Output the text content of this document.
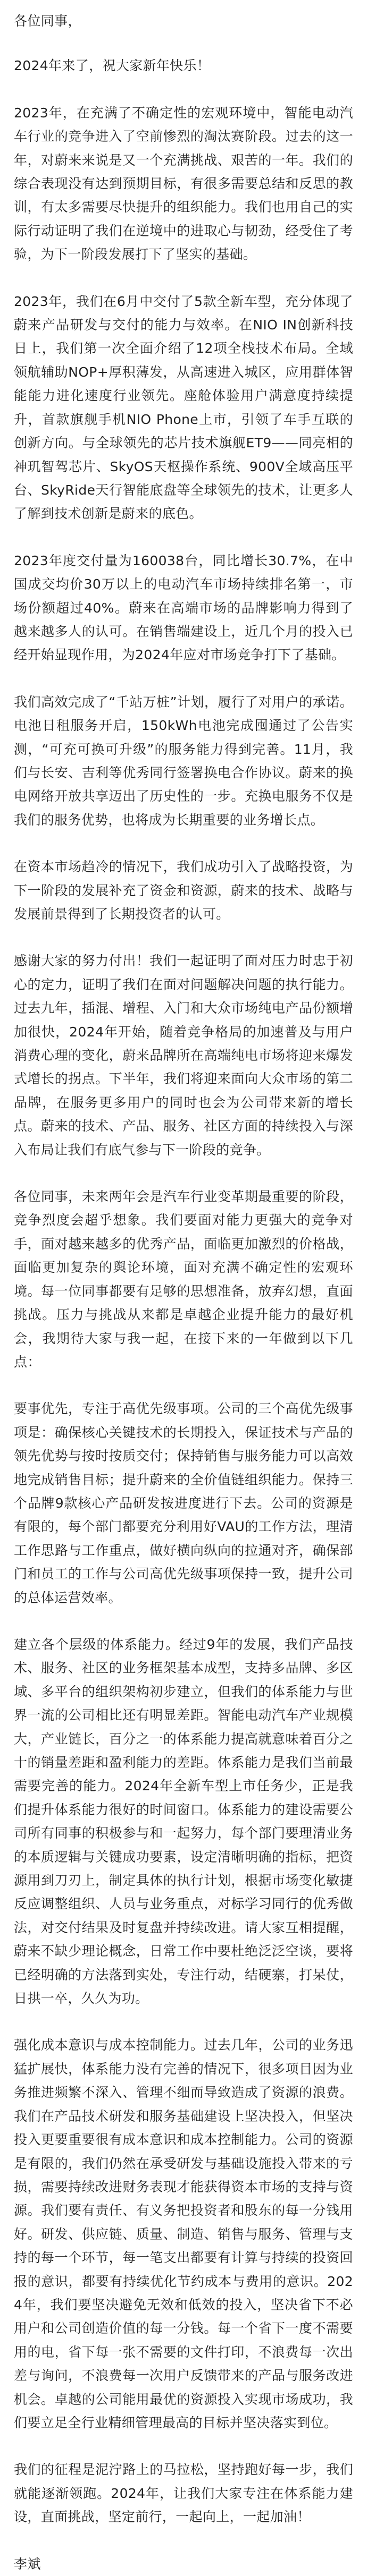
各位同事，

2024年来了，祝大家新年快乐！

2023年，在充满了不确定性的宏观环境中，智能电动汽车行业的竞争进入了空前惨烈的淘汰赛阶段。过去的这一年，对蔚来来说是又一个充满挑战、艰苦的一年。我们的综合表现没有达到预期目标，有很多需要总结和反思的教训，有太多需要尽快提升的组织能力。我们也用自己的实际行动证明了我们在逆境中的进取心与韧劲，经受住了考验，为下一阶段发展打下了坚实的基础。

2023年，我们在6月中交付了5款全新车型，充分体现了蔚来产品研发与交付的能力与效率。在NIO IN创新科技日上，我们第一次全面介绍了12项全栈技术布局。全域领航辅助NOP+厚积薄发，从高速进入城区，应用群体智能能力进化速度行业领先。座舱体验用户满意度持续提升，首款旗舰手机NIO Phone上市，引领了车手互联的创新方向。与全球领先的芯片技术旗舰ET9——同亮相的神玑智驾芯片、SkyOS天枢操作系统、900V全域高压平台、SkyRide天行智能底盘等全球领先的技术，让更多人了解到技术创新是蔚来的底色。

2023年度交付量为160038台，同比增长30.7%，在中国成交均价30万以上的电动汽车市场持续排名第一，市场份额超过40%。蔚来在高端市场的品牌影响力得到了越来越多人的认可。在销售端建设上，近几个月的投入已经开始显现作用，为2024年应对市场竞争打下了基础。

我们高效完成了“千站万桩”计划，履行了对用户的承诺。电池日租服务开启，150kWh电池完成囤通过了公告实测，“可充可换可升级”的服务能力得到完善。11月，我们与长安、吉利等优秀同行签署换电合作协议。蔚来的换电网络开放共享迈出了历史性的一步。充换电服务不仅是我们的服务优势，也将成为长期重要的业务增长点。

在资本市场趋冷的情况下，我们成功引入了战略投资，为下一阶段的发展补充了资金和资源，蔚来的技术、战略与发展前景得到了长期投资者的认可。

感谢大家的努力付出！我们一起证明了面对压力时忠于初心的定力，证明了我们在面对问题解决问题的执行能力。过去九年，插混、增程、入门和大众市场纯电产品份额增加很快，2024年开始，随着竞争格局的加速普及与用户消费心理的变化，蔚来品牌所在高端纯电市场将迎来爆发式增长的拐点。下半年，我们将迎来面向大众市场的第二品牌，在服务更多用户的同时也会为公司带来新的增长点。蔚来的技术、产品、服务、社区方面的持续投入与深入布局让我们有底气参与下一阶段的竞争。

各位同事，未来两年会是汽车行业变革期最重要的阶段，竞争烈度会超乎想象。我们要面对能力更强大的竞争对手，面对越来越多的优秀产品，面临更加激烈的价格战，面临更加复杂的舆论环境，面对充满不确定性的宏观环境。每一位同事都要有足够的思想准备，放弃幻想，直面挑战。压力与挑战从来都是卓越企业提升能力的最好机会，我期待大家与我一起，在接下来的一年做到以下几点：

要事优先，专注于高优先级事项。公司的三个高优先级事项是：确保核心关键技术的长期投入，保证技术与产品的领先优势与按时按质交付；保持销售与服务能力可以高效地完成销售目标；提升蔚来的全价值链组织能力。保持三个品牌9款核心产品研发按进度进行下去。公司的资源是有限的，每个部门都要充分利用好VAU的工作方法，理清工作思路与工作重点，做好横向纵向的拉通对齐，确保部门和员工的工作与公司高优先级事项保持一致，提升公司的总体运营效率。

建立各个层级的体系能力。经过9年的发展，我们产品技术、服务、社区的业务框架基本成型，支持多品牌、多区域、多平台的组织架构初步建立，但我们的体系能力与世界一流的公司相比还有明显差距。智能电动汽车产业规模大，产业链长，百分之一的体系能力提高就意味着百分之十的销量差距和盈利能力的差距。体系能力是我们当前最需要完善的能力。2024年全新车型上市任务少，正是我们提升体系能力很好的时间窗口。体系能力的建设需要公司所有同事的积极参与和一起努力，每个部门要理清业务的本质逻辑与关键成功要素，设定清晰明确的指标，把资源用到刀刃上，制定具体的执行计划，根据市场变化敏捷反应调整组织、人员与业务重点，对标学习同行的优秀做法，对交付结果及时复盘并持续改进。请大家互相提醒，蔚来不缺少理论概念，日常工作中要杜绝泛泛空谈，要将已经明确的方法落到实处，专注行动，结硬寨，打呆仗，日拱一卒，久久为功。

强化成本意识与成本控制能力。过去几年，公司的业务迅猛扩展快，体系能力没有完善的情况下，很多项目因为业务推进频繁不深入、管理不细而导致造成了资源的浪费。我们在产品技术研发和服务基础建设上坚决投入，但坚决投入更要重要很有成本意识和成本控制能力。公司的资源是有限的，我们仍然在承受研发与基础设施投入带来的亏损，需要持续改进财务表现才能获得资本市场的支持与资源。我们要有责任、有义务把投资者和股东的每一分钱用好。研发、供应链、质量、制造、销售与服务、管理与支持的每一个环节，每一笔支出都要有计算与持续的投资回报的意识，都要有持续优化节约成本与费用的意识。2024年，我们要坚决避免无效和低效的投入，坚决省下不必用户和公司创造价值的每一分钱。每一个省下一度不需要用的电，省下每一张不需要的文件打印，不浪费每一次出差与询问，不浪费每一次用户反馈带来的产品与服务改进机会。卓越的公司能用最优的资源投入实现市场成功，我们要立足全行业精细管理最高的目标并坚决落实到位。

我们的征程是泥泞路上的马拉松，坚持跑好每一步，我们就能逐渐领跑。2024年，让我们大家专注在体系能力建设，直面挑战，坚定前行，一起向上，一起加油！

李斌
